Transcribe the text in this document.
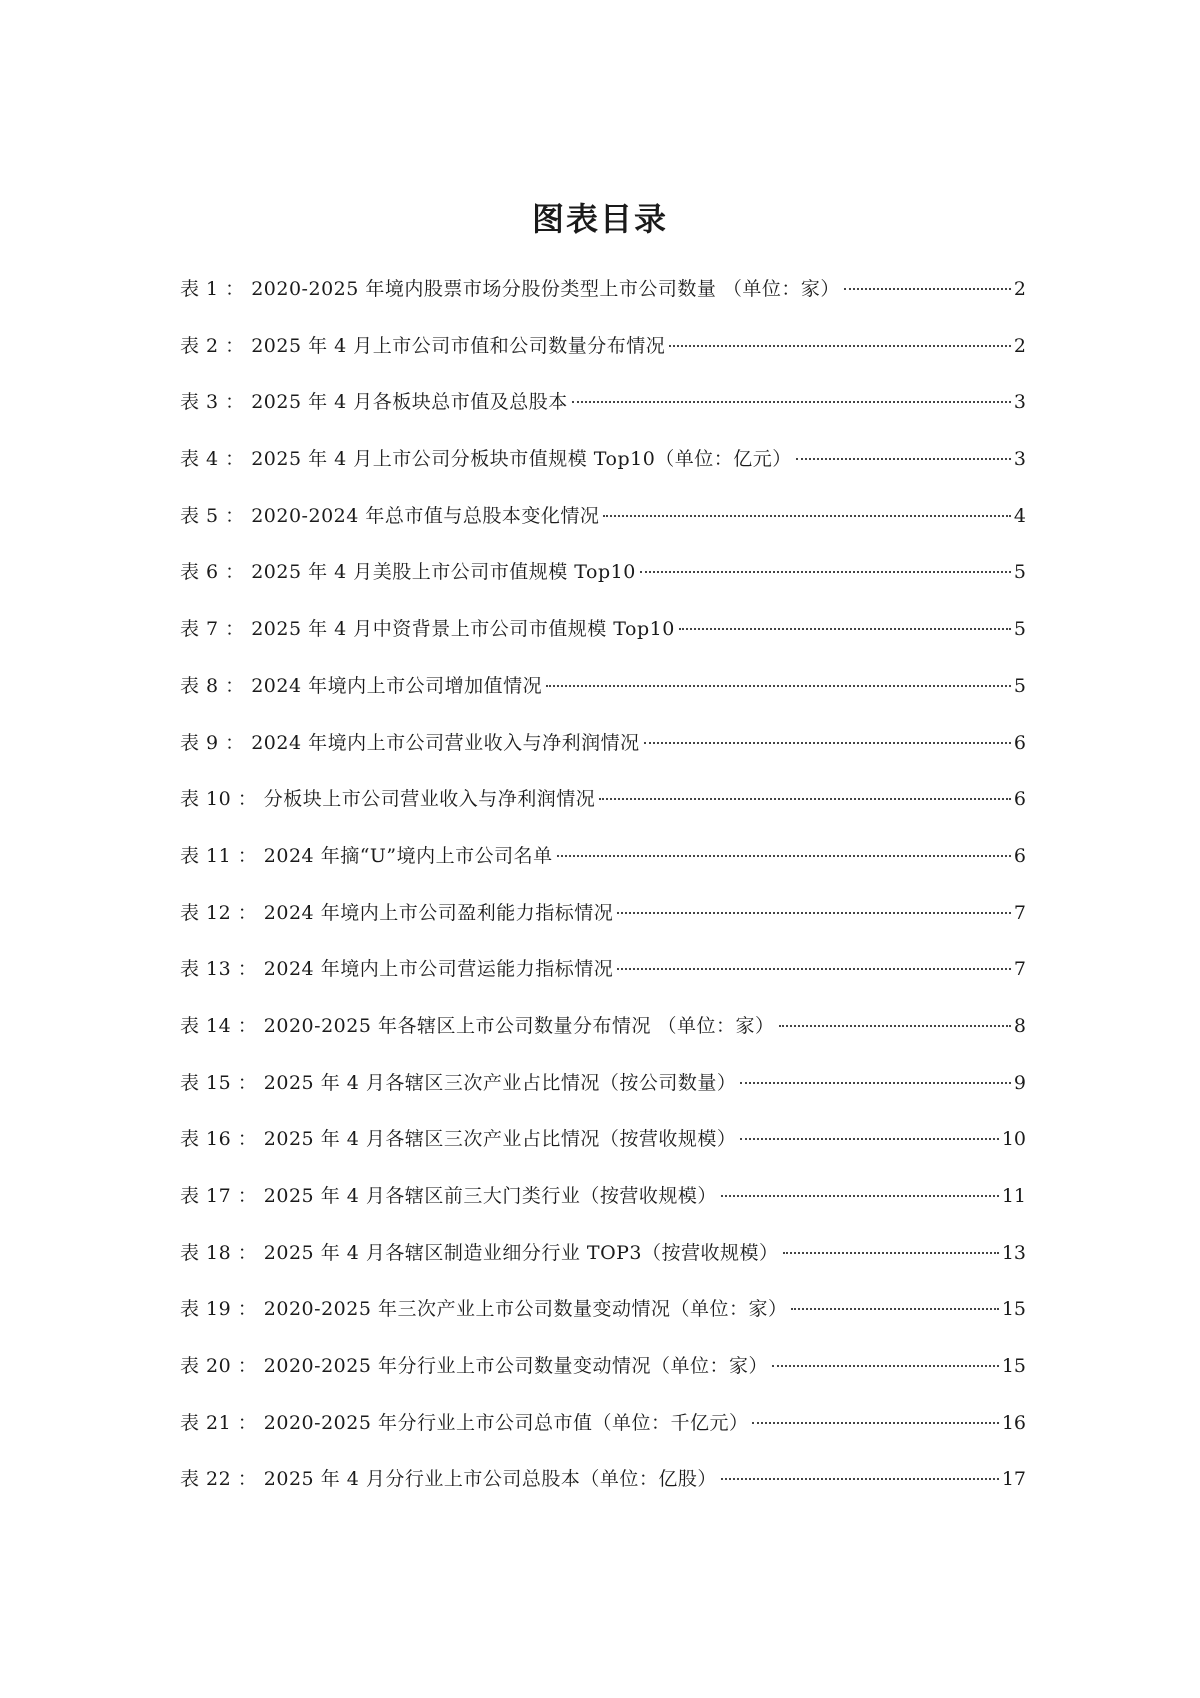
图表目录
表 1 ： 2020-2025 年境内股票市场分股份类型上市公司数量 （单位：家）	2
表 2 ： 2025 年 4 月上市公司市值和公司数量分布情况	2
表 3 ： 2025 年 4 月各板块总市值及总股本	3
表 4 ： 2025 年 4 月上市公司分板块市值规模 Top10（单位：亿元）	3
表 5 ： 2020-2024 年总市值与总股本变化情况	4
表 6 ： 2025 年 4 月美股上市公司市值规模 Top10	5
表 7 ： 2025 年 4 月中资背景上市公司市值规模 Top10	5
表 8 ： 2024 年境内上市公司增加值情况	5
表 9 ： 2024 年境内上市公司营业收入与净利润情况	6
表 10 ： 分板块上市公司营业收入与净利润情况	6
表 11 ： 2024 年摘“U”境内上市公司名单	6
表 12 ： 2024 年境内上市公司盈利能力指标情况	7
表 13 ： 2024 年境内上市公司营运能力指标情况	7
表 14 ： 2020-2025 年各辖区上市公司数量分布情况 （单位：家）	8
表 15 ： 2025 年 4 月各辖区三次产业占比情况（按公司数量）	9
表 16 ： 2025 年 4 月各辖区三次产业占比情况（按营收规模）	10
表 17 ： 2025 年 4 月各辖区前三大门类行业（按营收规模）	11
表 18 ： 2025 年 4 月各辖区制造业细分行业 TOP3（按营收规模）	13
表 19 ： 2020-2025 年三次产业上市公司数量变动情况（单位：家）	15
表 20 ： 2020-2025 年分行业上市公司数量变动情况（单位：家）	15
表 21 ： 2020-2025 年分行业上市公司总市值（单位：千亿元）	16
表 22 ： 2025 年 4 月分行业上市公司总股本（单位：亿股）	17
